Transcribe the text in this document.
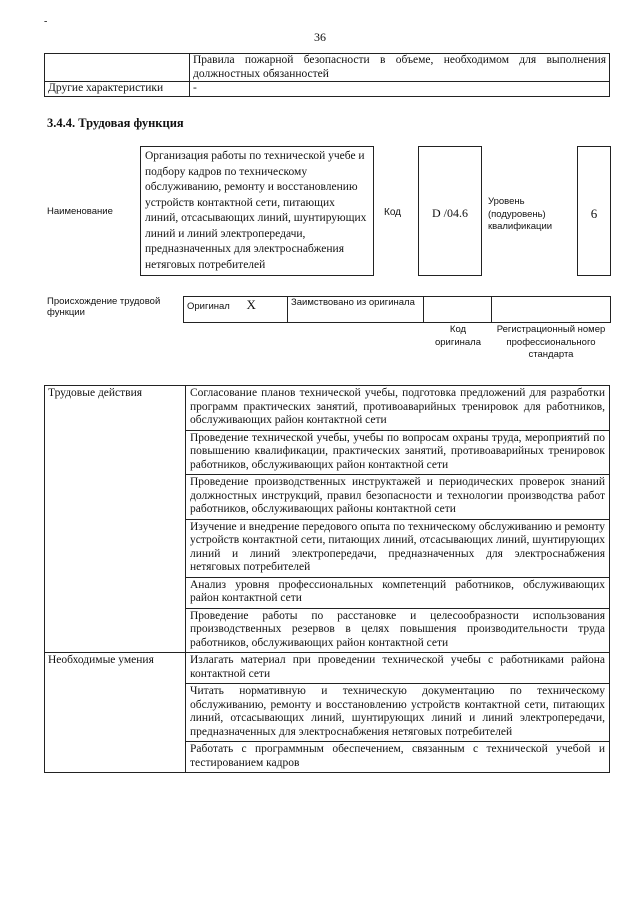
-
36
	Правила пожарной безопасности в объеме, необходимом для выполнения должностных обязанностей
Другие характеристики	-
3.4.4. Трудовая функция
Наименование
Организация работы по технической учебе и подбору кадров по техническому обслуживанию, ремонту и восстановлению устройств контактной сети, питающих линий, отсасывающих линий, шунтирующих линий и линий электропередачи, предназначенных для электроснабжения нетяговых потребителей
Код	D /04.6
Уровень (подуровень) квалификации
6
Происхождение трудовой функции
Оригинал X	Заимствовано из оригинала		
Код оригинала
Регистрационный номер профессионального стандарта
Трудовые действия	Согласование планов технической учебы, подготовка предложений для разработки программ практических занятий, противоаварийных тренировок для работников, обслуживающих район контактной сети
	Проведение технической учебы, учебы по вопросам охраны труда, мероприятий по повышению квалификации, практических занятий, противоаварийных тренировок работников, обслуживающих район контактной сети
	Проведение производственных инструктажей и периодических проверок знаний должностных инструкций, правил безопасности и технологии производства работ работников, обслуживающих районы контактной сети
	Изучение и внедрение передового опыта по техническому обслуживанию и ремонту устройств контактной сети, питающих линий, отсасывающих линий, шунтирующих линий и линий электропередачи, предназначенных для электроснабжения нетяговых потребителей
	Анализ уровня профессиональных компетенций работников, обслуживающих район контактной сети
	Проведение работы по расстановке и целесообразности использования производственных резервов в целях повышения производительности труда работников, обслуживающих район контактной сети
Необходимые умения	Излагать материал при проведении технической учебы с работниками района контактной сети
	Читать нормативную и техническую документацию по техническому обслуживанию, ремонту и восстановлению устройств контактной сети, питающих линий, отсасывающих линий, шунтирующих линий и линий электропередачи, предназначенных для электроснабжения нетяговых потребителей
	Работать с программным обеспечением, связанным с технической учебой и тестированием кадров
